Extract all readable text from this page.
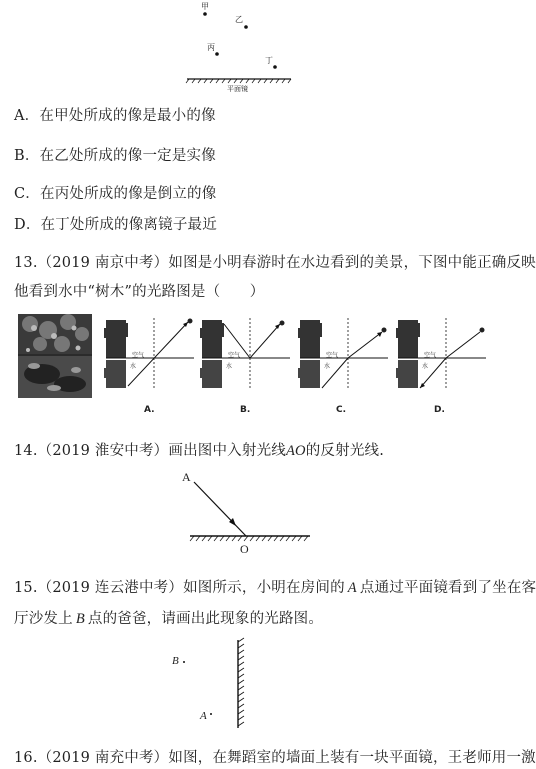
甲
乙
丙
丁
平面镜
A．在甲处所成的像是最小的像
B．在乙处所成的像一定是实像
C．在丙处所成的像是倒立的像
D．在丁处所成的像离镜子最近
13.（2019 南京中考）如图是小明春游时在水边看到的美景，下图中能正确反映
他看到水中“树木”的光路图是（　　）
空气
水
A.
空气
水
B.
空气
水
C.
空气
水
D.
14.（2019 淮安中考）画出图中入射光线AO的反射光线.
A
O
15.（2019 连云港中考）如图所示，小明在房间的 A 点通过平面镜看到了坐在客
厅沙发上 B 点的爸爸，请画出此现象的光路图。
B
A
16.（2019 南充中考）如图，在舞蹈室的墙面上装有一块平面镜，王老师用一激
